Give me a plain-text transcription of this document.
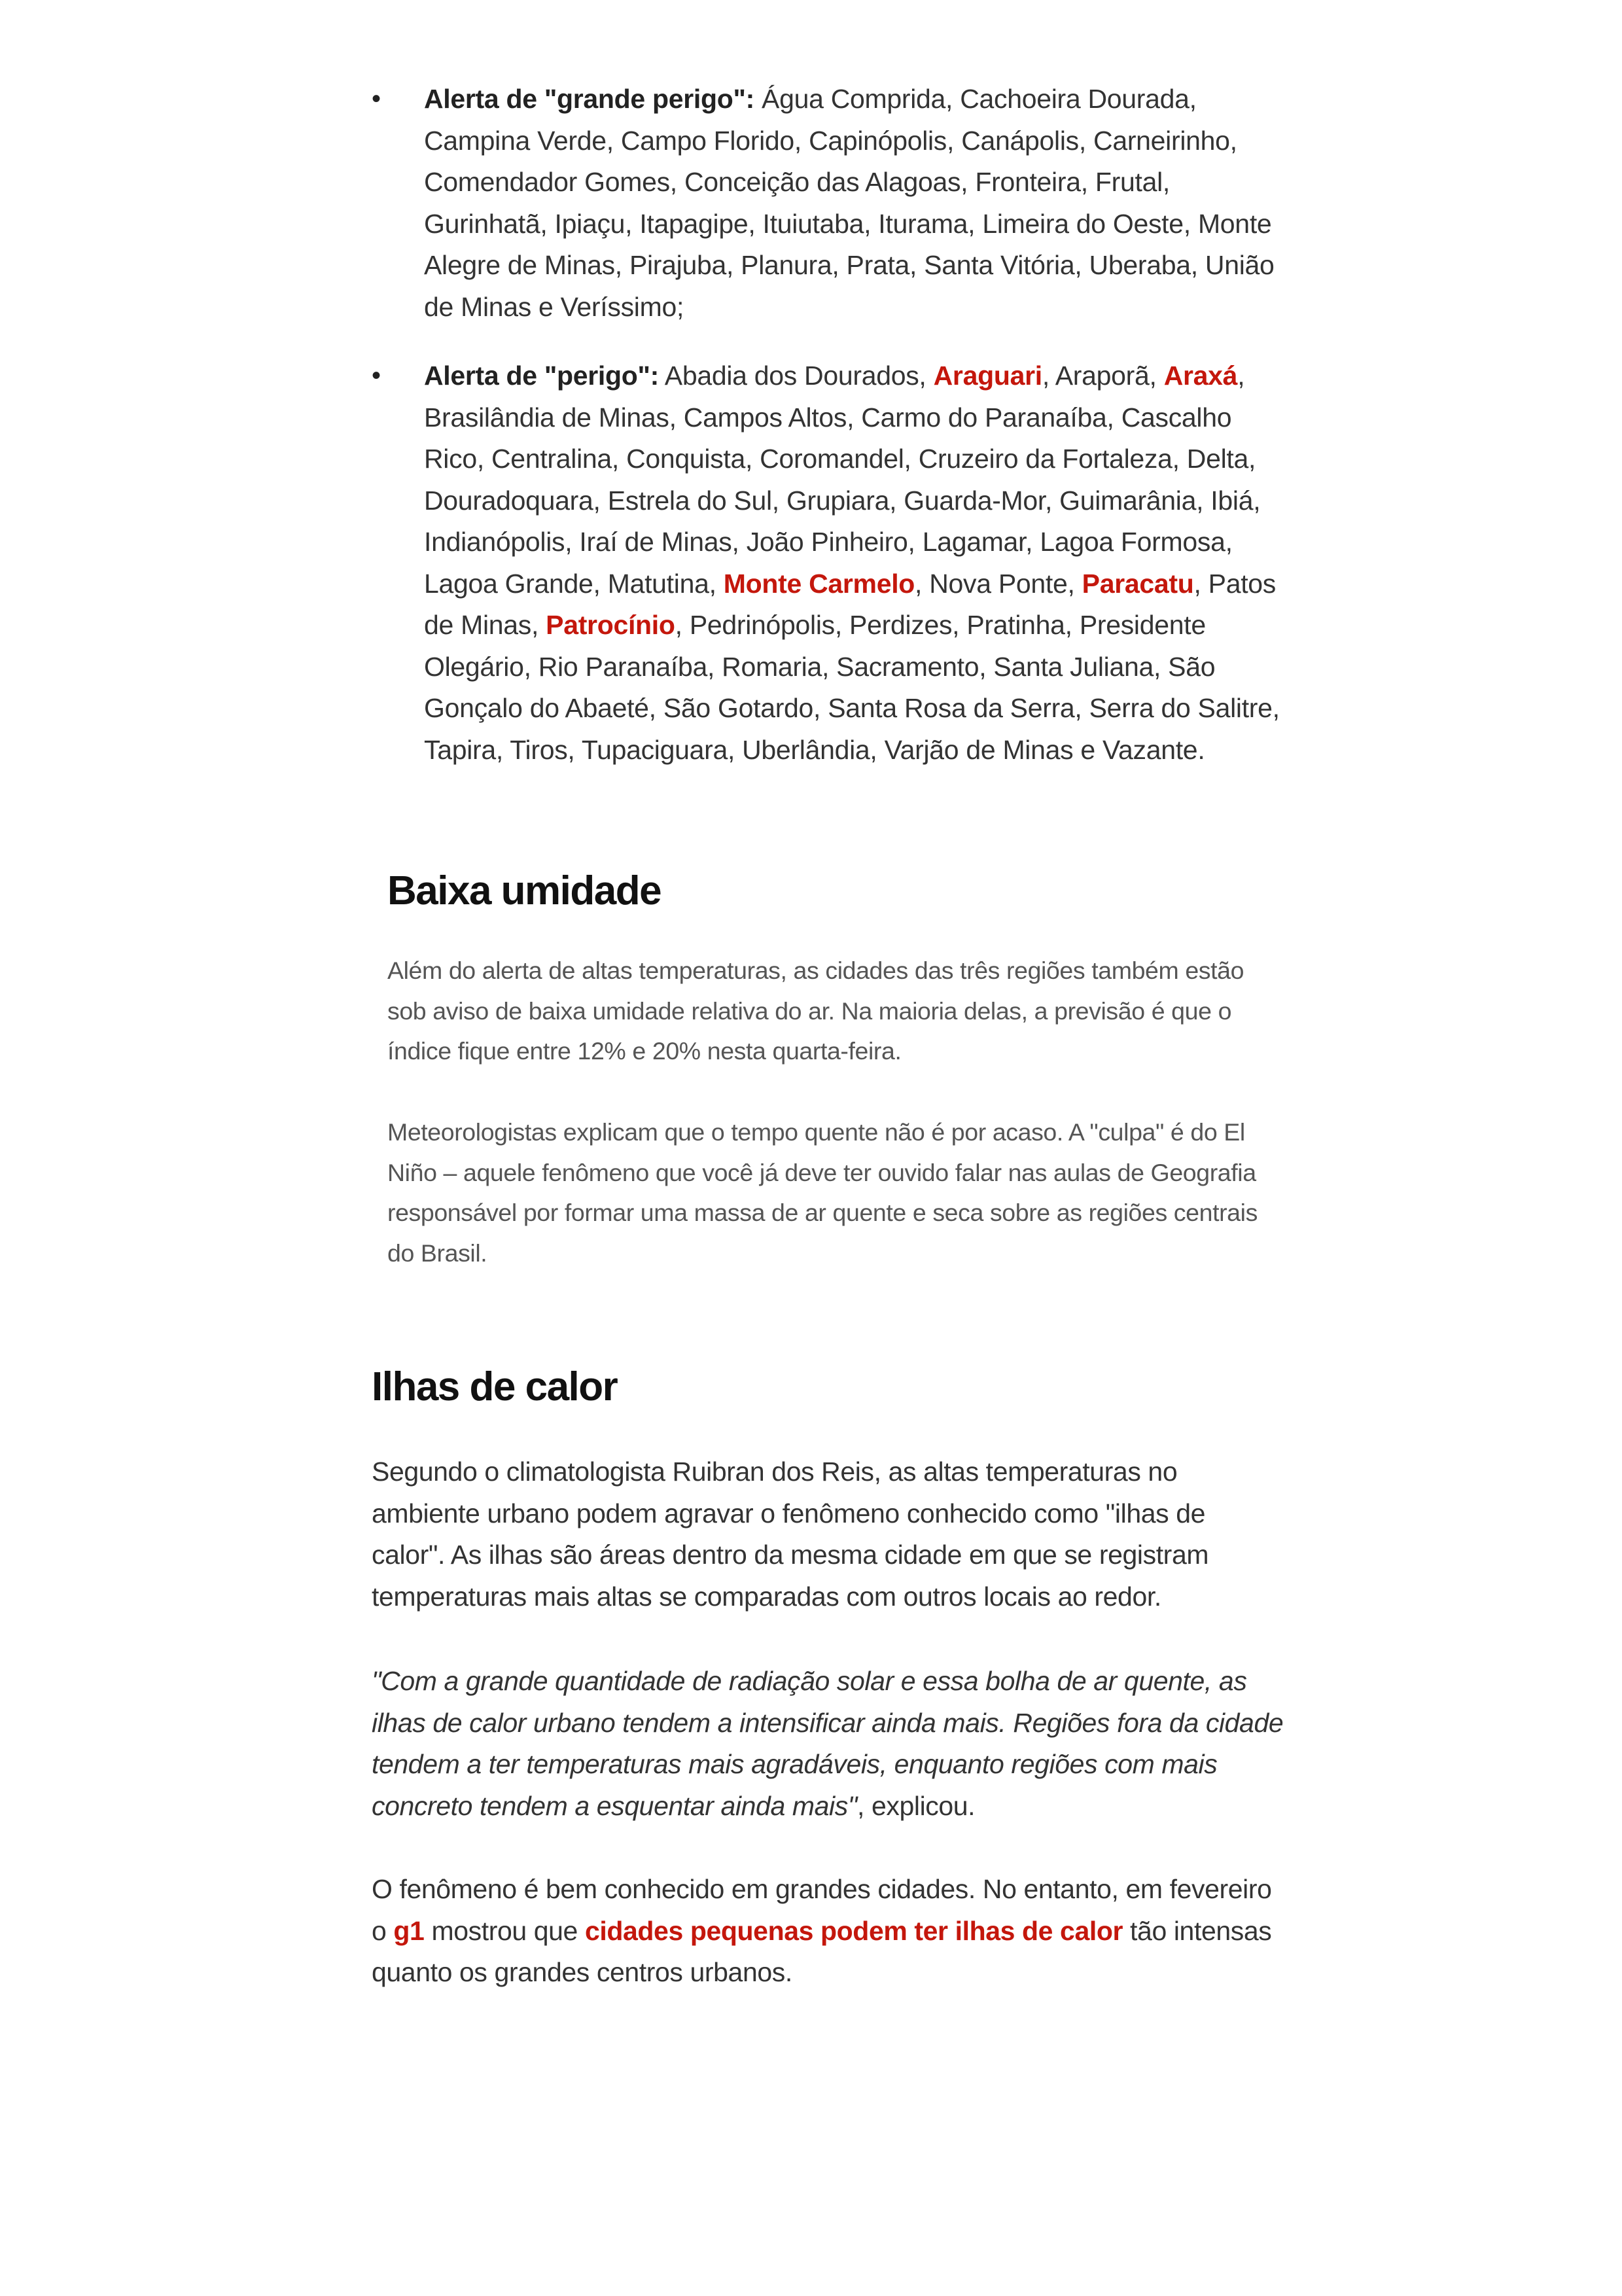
• Alerta de "grande perigo": Água Comprida, Cachoeira Dourada, Campina Verde, Campo Florido, Capinópolis, Canápolis, Carneirinho, Comendador Gomes, Conceição das Alagoas, Fronteira, Frutal, Gurinhatã, Ipiaçu, Itapagipe, Ituiutaba, Iturama, Limeira do Oeste, Monte Alegre de Minas, Pirajuba, Planura, Prata, Santa Vitória, Uberaba, União de Minas e Veríssimo;
• Alerta de "perigo": Abadia dos Dourados, Araguari, Araporã, Araxá, Brasilândia de Minas, Campos Altos, Carmo do Paranaíba, Cascalho Rico, Centralina, Conquista, Coromandel, Cruzeiro da Fortaleza, Delta, Douradoquara, Estrela do Sul, Grupiara, Guarda-Mor, Guimarânia, Ibiá, Indianópolis, Iraí de Minas, João Pinheiro, Lagamar, Lagoa Formosa, Lagoa Grande, Matutina, Monte Carmelo, Nova Ponte, Paracatu, Patos de Minas, Patrocínio, Pedrinópolis, Perdizes, Pratinha, Presidente Olegário, Rio Paranaíba, Romaria, Sacramento, Santa Juliana, São Gonçalo do Abaeté, São Gotardo, Santa Rosa da Serra, Serra do Salitre, Tapira, Tiros, Tupaciguara, Uberlândia, Varjão de Minas e Vazante.
Baixa umidade

Além do alerta de altas temperaturas, as cidades das três regiões também estão sob aviso de baixa umidade relativa do ar. Na maioria delas, a previsão é que o índice fique entre 12% e 20% nesta quarta-feira.

Meteorologistas explicam que o tempo quente não é por acaso. A "culpa" é do El Niño – aquele fenômeno que você já deve ter ouvido falar nas aulas de Geografia responsável por formar uma massa de ar quente e seca sobre as regiões centrais do Brasil.

Ilhas de calor

Segundo o climatologista Ruibran dos Reis, as altas temperaturas no ambiente urbano podem agravar o fenômeno conhecido como "ilhas de calor". As ilhas são áreas dentro da mesma cidade em que se registram temperaturas mais altas se comparadas com outros locais ao redor.

"Com a grande quantidade de radiação solar e essa bolha de ar quente, as ilhas de calor urbano tendem a intensificar ainda mais. Regiões fora da cidade tendem a ter temperaturas mais agradáveis, enquanto regiões com mais concreto tendem a esquentar ainda mais", explicou.

O fenômeno é bem conhecido em grandes cidades. No entanto, em fevereiro o g1 mostrou que cidades pequenas podem ter ilhas de calor tão intensas quanto os grandes centros urbanos.
